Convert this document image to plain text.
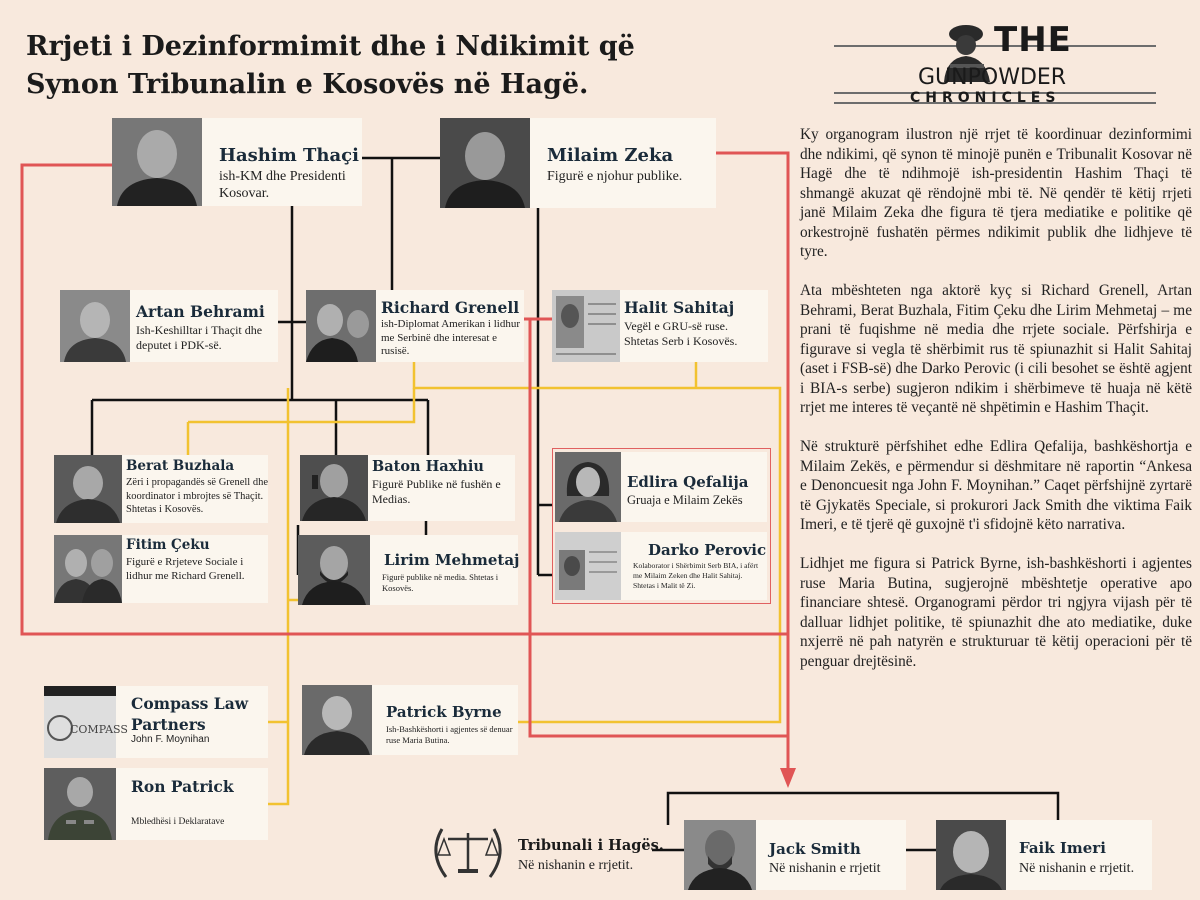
Rrjeti i Dezinformimit dhe i Ndikimit që Synon Tribunalin e Kosovës në Hagë.
THE
GUNPOWDER
CHRONICLES

Ky organogram ilustron një rrjet të koordinuar dezinformimi dhe ndikimi, që synon të minojë punën e Tribunalit Kosovar në Hagë dhe të ndihmojë ish-presidentin Hashim Thaçi të shmangë akuzat që rëndojnë mbi të. Në qendër të këtij rrjeti janë Milaim Zeka dhe figura të tjera mediatike e politike që orkestrojnë fushatën përmes ndikimit publik dhe lidhjeve të tyre.

Ata mbështeten nga aktorë kyç si Richard Grenell, Artan Behrami, Berat Buzhala, Fitim Çeku dhe Lirim Mehmetaj – me prani të fuqishme në media dhe rrjete sociale. Përfshirja e figurave si vegla të shërbimit rus të spiunazhit si Halit Sahitaj (aset i FSB-së) dhe Darko Perovic (i cili besohet se është agjent i BIA-s serbe) sugjeron ndikim i shërbimeve të huaja në këtë rrjet me interes të veçantë në shpëtimin e Hashim Thaçit.

Në strukturë përfshihet edhe Edlira Qefalija, bashkëshortja e Milaim Zekës, e përmendur si dëshmitare në raportin “Ankesa e Denoncuesit nga John F. Moynihan.” Caqet përfshijnë zyrtarë të Gjykatës Speciale, si prokurori Jack Smith dhe viktima Faik Imeri, e të tjerë që guxojnë t'i sfidojnë këto narrativa.

Lidhjet me figura si Patrick Byrne, ish-bashkëshorti i agjentes ruse Maria Butina, sugjerojnë mbështetje operative apo financiare shtesë. Organogrami përdor tri ngjyra vijash për të dalluar lidhjet politike, të spiunazhit dhe ato mediatike, duke nxjerrë në pah natyrën e strukturuar të këtij operacioni për të penguar drejtësinë.

Hashim Thaçi
ish-KM dhe Presidenti Kosovar.
Milaim Zeka
Figurë e njohur publike.
Artan Behrami
Ish-Keshilltar i Thaçit dhe deputet i PDK-së.
Richard Grenell
ish-Diplomat Amerikan i lidhur me Serbinë dhe interesat e rusisë.
Halit Sahitaj
Vegël e GRU-së ruse. Shtetas Serb i Kosovës.
Berat Buzhala
Zëri i propagandës së Grenell dhe koordinator i mbrojtes së Thaçit. Shtetas i Kosovës.
Baton Haxhiu
Figurë Publike në fushën e Medias.
Edlira Qefalija
Gruaja e Milaim Zekës
Darko Perovic
Kolaborator i Shërbimit Serb BIA, i afërt me Milaim Zeken dhe Halit Sahitaj. Shtetas i Malit të Zi.
Fitim Çeku
Figurë e Rrjeteve Sociale i lidhur me Richard Grenell.
Lirim Mehmetaj
Figurë publike në media. Shtetas i Kosovës.
COMPASS
Compass Law Partners
John F. Moynihan
Patrick Byrne
Ish-Bashkëshorti i agjentes së denuar ruse Maria Butina.
Ron Patrick
Mbledhësi i Deklaratave
Tribunali i Hagës.
Në nishanin e rrjetit.
Jack Smith
Në nishanin e rrjetit
Faik Imeri
Në nishanin e rrjetit.
